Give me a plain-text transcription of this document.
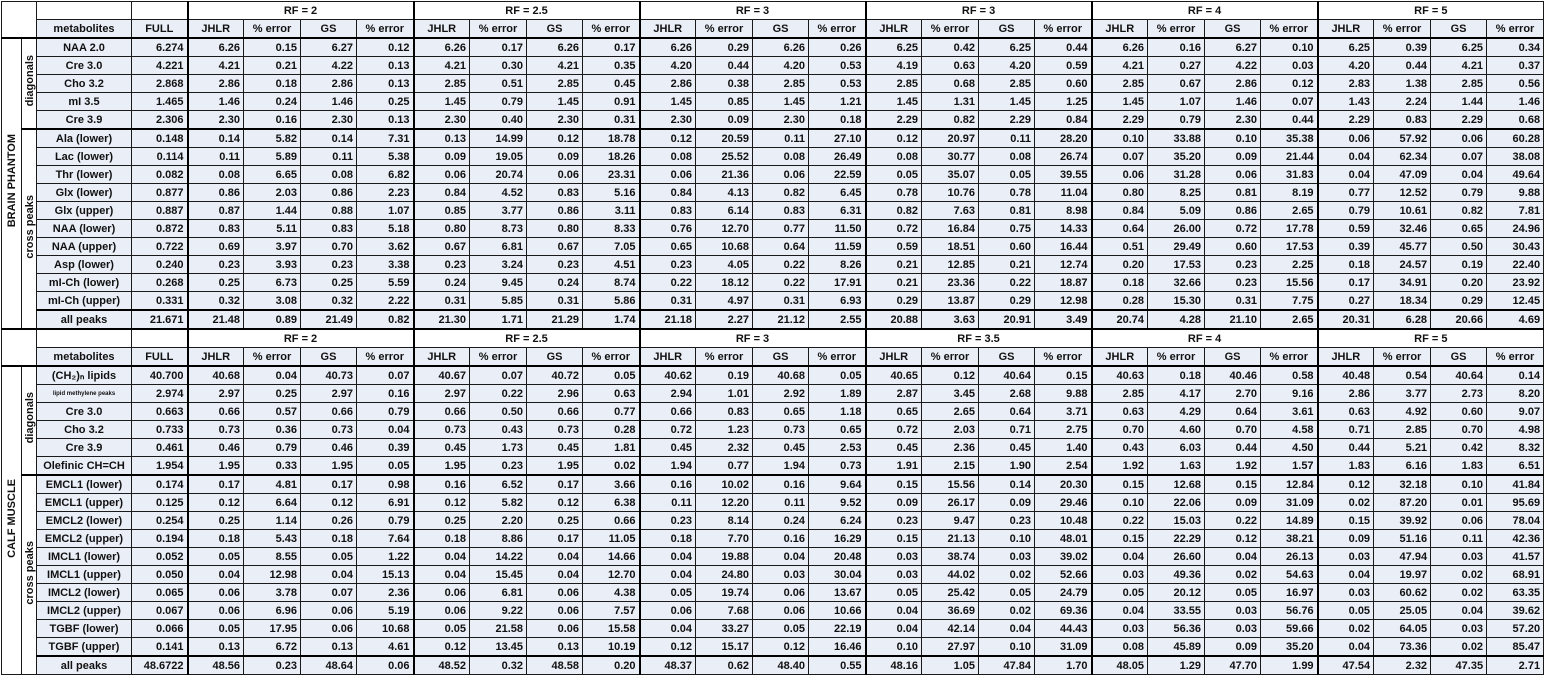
				RF = 2				RF = 2.5				RF = 3				RF = 3				RF = 4				RF = 5			
		metabolites	FULL	JHLR	% error	GS	% error	JHLR	% error	GS	% error	JHLR	% error	GS	% error	JHLR	% error	GS	% error	JHLR	% error	GS	% error	JHLR	% error	GS	% error
BRAIN PHANTOM	diagonals	NAA 2.0	6.274	6.26	0.15	6.27	0.12	6.26	0.17	6.26	0.17	6.26	0.29	6.26	0.26	6.25	0.42	6.25	0.44	6.26	0.16	6.27	0.10	6.25	0.39	6.25	0.34
		Cre 3.0	4.221	4.21	0.21	4.22	0.13	4.21	0.30	4.21	0.35	4.20	0.44	4.20	0.53	4.19	0.63	4.20	0.59	4.21	0.27	4.22	0.03	4.20	0.44	4.21	0.37
		Cho 3.2	2.868	2.86	0.18	2.86	0.13	2.85	0.51	2.85	0.45	2.86	0.38	2.85	0.53	2.85	0.68	2.85	0.60	2.85	0.67	2.86	0.12	2.83	1.38	2.85	0.56
		mI 3.5	1.465	1.46	0.24	1.46	0.25	1.45	0.79	1.45	0.91	1.45	0.85	1.45	1.21	1.45	1.31	1.45	1.25	1.45	1.07	1.46	0.07	1.43	2.24	1.44	1.46
		Cre 3.9	2.306	2.30	0.16	2.30	0.13	2.30	0.40	2.30	0.31	2.30	0.09	2.30	0.18	2.29	0.82	2.29	0.84	2.29	0.79	2.30	0.44	2.29	0.83	2.29	0.68
	cross peaks	Ala (lower)	0.148	0.14	5.82	0.14	7.31	0.13	14.99	0.12	18.78	0.12	20.59	0.11	27.10	0.12	20.97	0.11	28.20	0.10	33.88	0.10	35.38	0.06	57.92	0.06	60.28
		Lac (lower)	0.114	0.11	5.89	0.11	5.38	0.09	19.05	0.09	18.26	0.08	25.52	0.08	26.49	0.08	30.77	0.08	26.74	0.07	35.20	0.09	21.44	0.04	62.34	0.07	38.08
		Thr (lower)	0.082	0.08	6.65	0.08	6.82	0.06	20.74	0.06	23.31	0.06	21.36	0.06	22.59	0.05	35.07	0.05	39.55	0.06	31.28	0.06	31.83	0.04	47.09	0.04	49.64
		Glx (lower)	0.877	0.86	2.03	0.86	2.23	0.84	4.52	0.83	5.16	0.84	4.13	0.82	6.45	0.78	10.76	0.78	11.04	0.80	8.25	0.81	8.19	0.77	12.52	0.79	9.88
		Glx (upper)	0.887	0.87	1.44	0.88	1.07	0.85	3.77	0.86	3.11	0.83	6.14	0.83	6.31	0.82	7.63	0.81	8.98	0.84	5.09	0.86	2.65	0.79	10.61	0.82	7.81
		NAA (lower)	0.872	0.83	5.11	0.83	5.18	0.80	8.73	0.80	8.33	0.76	12.70	0.77	11.50	0.72	16.84	0.75	14.33	0.64	26.00	0.72	17.78	0.59	32.46	0.65	24.96
		NAA (upper)	0.722	0.69	3.97	0.70	3.62	0.67	6.81	0.67	7.05	0.65	10.68	0.64	11.59	0.59	18.51	0.60	16.44	0.51	29.49	0.60	17.53	0.39	45.77	0.50	30.43
		Asp (lower)	0.240	0.23	3.93	0.23	3.38	0.23	3.24	0.23	4.51	0.23	4.05	0.22	8.26	0.21	12.85	0.21	12.74	0.20	17.53	0.23	2.25	0.18	24.57	0.19	22.40
		mI-Ch (lower)	0.268	0.25	6.73	0.25	5.59	0.24	9.45	0.24	8.74	0.22	18.12	0.22	17.91	0.21	23.36	0.22	18.87	0.18	32.66	0.23	15.56	0.17	34.91	0.20	23.92
		mI-Ch (upper)	0.331	0.32	3.08	0.32	2.22	0.31	5.85	0.31	5.86	0.31	4.97	0.31	6.93	0.29	13.87	0.29	12.98	0.28	15.30	0.31	7.75	0.27	18.34	0.29	12.45
		all peaks	21.671	21.48	0.89	21.49	0.82	21.30	1.71	21.29	1.74	21.18	2.27	21.12	2.55	20.88	3.63	20.91	3.49	20.74	4.28	21.10	2.65	20.31	6.28	20.66	4.69
				RF = 2				RF = 2.5				RF = 3				RF = 3.5				RF = 4				RF = 5			
		metabolites	FULL	JHLR	% error	GS	% error	JHLR	% error	GS	% error	JHLR	% error	GS	% error	JHLR	% error	GS	% error	JHLR	% error	GS	% error	JHLR	% error	GS	% error
CALF MUSCLE	diagonals	(CH₂)ₙ lipids	40.700	40.68	0.04	40.73	0.07	40.67	0.07	40.72	0.05	40.62	0.19	40.68	0.05	40.65	0.12	40.64	0.15	40.63	0.18	40.46	0.58	40.48	0.54	40.64	0.14
		lipid methylene peaks	2.974	2.97	0.25	2.97	0.16	2.97	0.22	2.96	0.63	2.94	1.01	2.92	1.89	2.87	3.45	2.68	9.88	2.85	4.17	2.70	9.16	2.86	3.77	2.73	8.20
		Cre 3.0	0.663	0.66	0.57	0.66	0.79	0.66	0.50	0.66	0.77	0.66	0.83	0.65	1.18	0.65	2.65	0.64	3.71	0.63	4.29	0.64	3.61	0.63	4.92	0.60	9.07
		Cho 3.2	0.733	0.73	0.36	0.73	0.04	0.73	0.43	0.73	0.28	0.72	1.23	0.73	0.65	0.72	2.03	0.71	2.75	0.70	4.60	0.70	4.58	0.71	2.85	0.70	4.98
		Cre 3.9	0.461	0.46	0.79	0.46	0.39	0.45	1.73	0.45	1.81	0.45	2.32	0.45	2.53	0.45	2.36	0.45	1.40	0.43	6.03	0.44	4.50	0.44	5.21	0.42	8.32
		Olefinic CH=CH	1.954	1.95	0.33	1.95	0.05	1.95	0.23	1.95	0.02	1.94	0.77	1.94	0.73	1.91	2.15	1.90	2.54	1.92	1.63	1.92	1.57	1.83	6.16	1.83	6.51
	cross peaks	EMCL1 (lower)	0.174	0.17	4.81	0.17	0.98	0.16	6.52	0.17	3.66	0.16	10.02	0.16	9.64	0.15	15.56	0.14	20.30	0.15	12.68	0.15	12.84	0.12	32.18	0.10	41.84
		EMCL1 (upper)	0.125	0.12	6.64	0.12	6.91	0.12	5.82	0.12	6.38	0.11	12.20	0.11	9.52	0.09	26.17	0.09	29.46	0.10	22.06	0.09	31.09	0.02	87.20	0.01	95.69
		EMCL2 (lower)	0.254	0.25	1.14	0.26	0.79	0.25	2.20	0.25	0.66	0.23	8.14	0.24	6.24	0.23	9.47	0.23	10.48	0.22	15.03	0.22	14.89	0.15	39.92	0.06	78.04
		EMCL2 (upper)	0.194	0.18	5.43	0.18	7.64	0.18	8.86	0.17	11.05	0.18	7.70	0.16	16.29	0.15	21.13	0.10	48.01	0.15	22.29	0.12	38.21	0.09	51.16	0.11	42.36
		IMCL1 (lower)	0.052	0.05	8.55	0.05	1.22	0.04	14.22	0.04	14.66	0.04	19.88	0.04	20.48	0.03	38.74	0.03	39.02	0.04	26.60	0.04	26.13	0.03	47.94	0.03	41.57
		IMCL1 (upper)	0.050	0.04	12.98	0.04	15.13	0.04	15.45	0.04	12.70	0.04	24.80	0.03	30.04	0.03	44.02	0.02	52.66	0.03	49.36	0.02	54.63	0.04	19.97	0.02	68.91
		IMCL2 (lower)	0.065	0.06	3.78	0.07	2.36	0.06	6.81	0.06	4.38	0.05	19.74	0.06	13.67	0.05	25.42	0.05	24.79	0.05	20.12	0.05	16.97	0.03	60.62	0.02	63.35
		IMCL2 (upper)	0.067	0.06	6.96	0.06	5.19	0.06	9.22	0.06	7.57	0.06	7.68	0.06	10.66	0.04	36.69	0.02	69.36	0.04	33.55	0.03	56.76	0.05	25.05	0.04	39.62
		TGBF (lower)	0.066	0.05	17.95	0.06	10.68	0.05	21.58	0.06	15.58	0.04	33.27	0.05	22.19	0.04	42.14	0.04	44.43	0.03	56.36	0.03	59.66	0.02	64.05	0.03	57.20
		TGBF (upper)	0.141	0.13	6.72	0.13	4.61	0.12	13.45	0.13	10.19	0.12	15.17	0.12	16.46	0.10	27.97	0.10	31.09	0.08	45.89	0.09	35.20	0.04	73.36	0.02	85.47
		all peaks	48.6722	48.56	0.23	48.64	0.06	48.52	0.32	48.58	0.20	48.37	0.62	48.40	0.55	48.16	1.05	47.84	1.70	48.05	1.29	47.70	1.99	47.54	2.32	47.35	2.71
